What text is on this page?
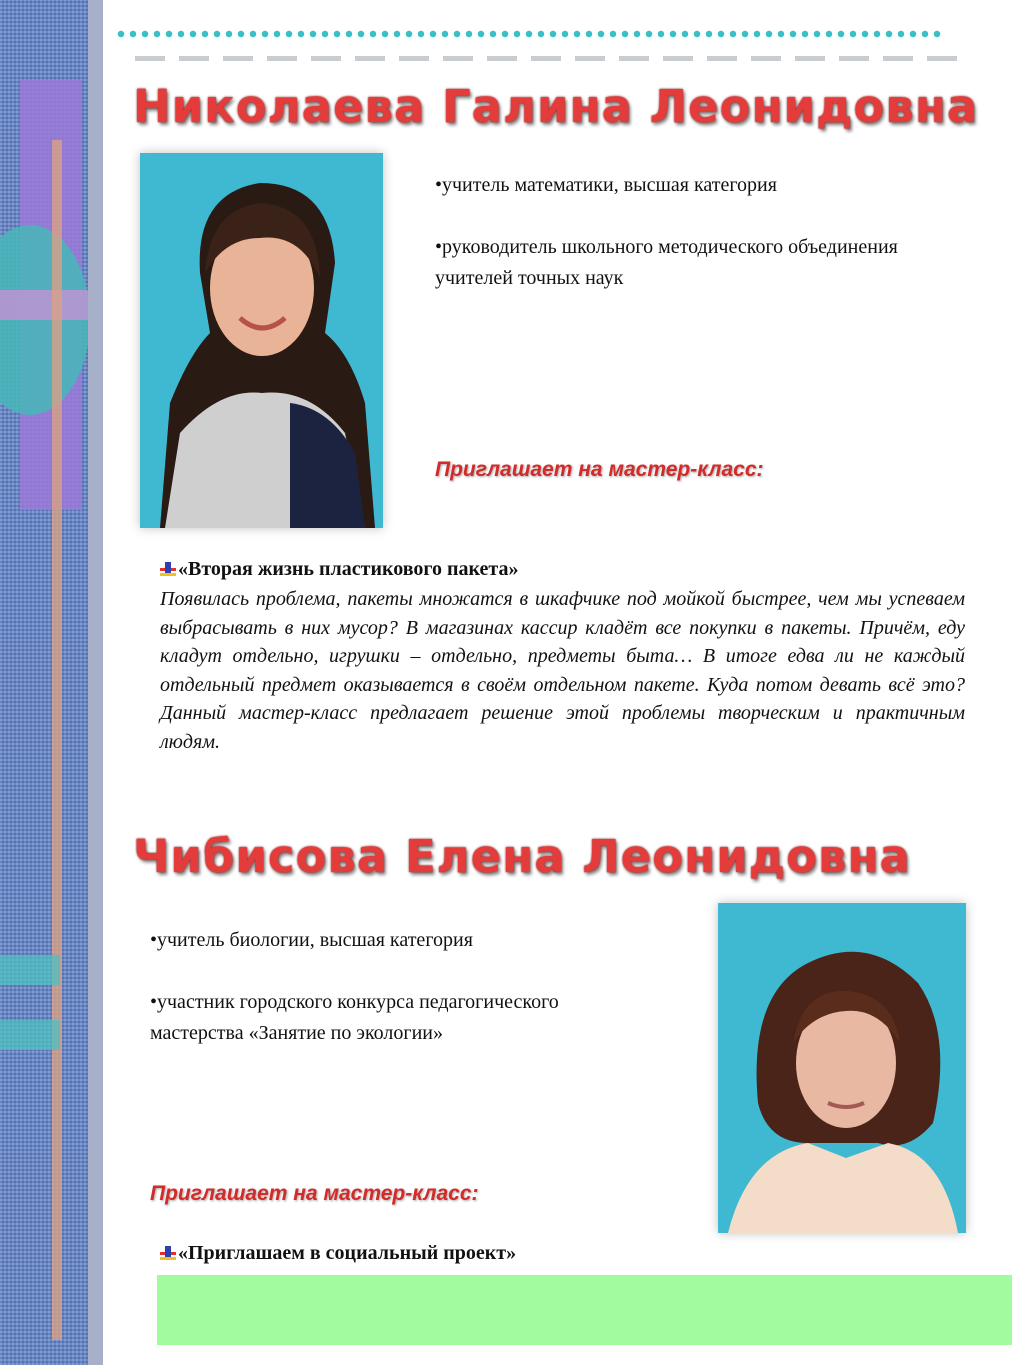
Николаева Галина Леонидовна

•учитель математики, высшая категория

•руководитель школьного методического объединения учителей точных наук

Приглашает на мастер-класс:

«Вторая жизнь пластикового пакета»

Появилась проблема, пакеты множатся в шкафчике под мойкой быстрее, чем мы успеваем выбрасывать в них мусор? В магазинах кассир кладёт все покупки в пакеты. Причём, еду кладут отдельно, игрушки – отдельно, предметы быта… В итоге едва ли не каждый отдельный предмет оказывается в своём отдельном пакете. Куда потом девать всё это? Данный мастер-класс предлагает решение этой проблемы творческим и практичным людям.

Чибисова Елена Леонидовна

•учитель биологии, высшая категория

•участник городского конкурса педагогического мастерства «Занятие по экологии»

Приглашает на мастер-класс:

«Приглашаем в социальный проект»
